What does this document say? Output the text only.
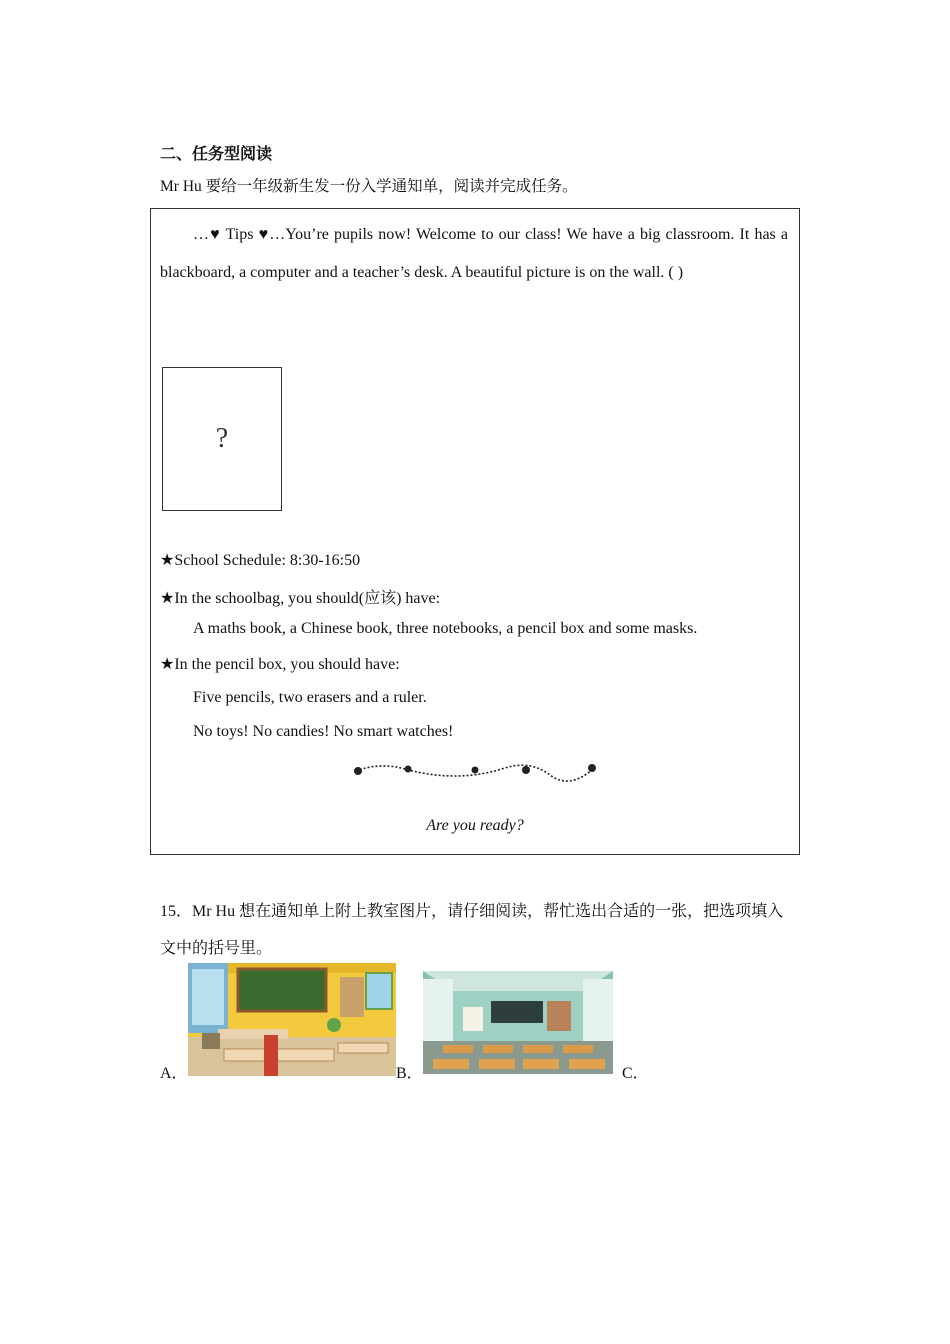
二、任务型阅读
Mr Hu 要给一年级新生发一份入学通知单，阅读并完成任务。
…♥ Tips ♥…You’re pupils now! Welcome to our class! We have a big classroom. It has a blackboard, a computer and a teacher’s desk. A beautiful picture is on the wall. ( )
?
★School Schedule: 8:30-16:50
★In the schoolbag, you should(应该) have:
A maths book, a Chinese book, three notebooks, a pencil box and some masks.
★In the pencil box, you should have:
Five pencils, two erasers and a ruler.
No toys! No candies! No smart watches!
Are you ready?
15．Mr Hu 想在通知单上附上教室图片，请仔细阅读，帮忙选出合适的一张，把选项填入文中的括号里。
A．	B．	C．
